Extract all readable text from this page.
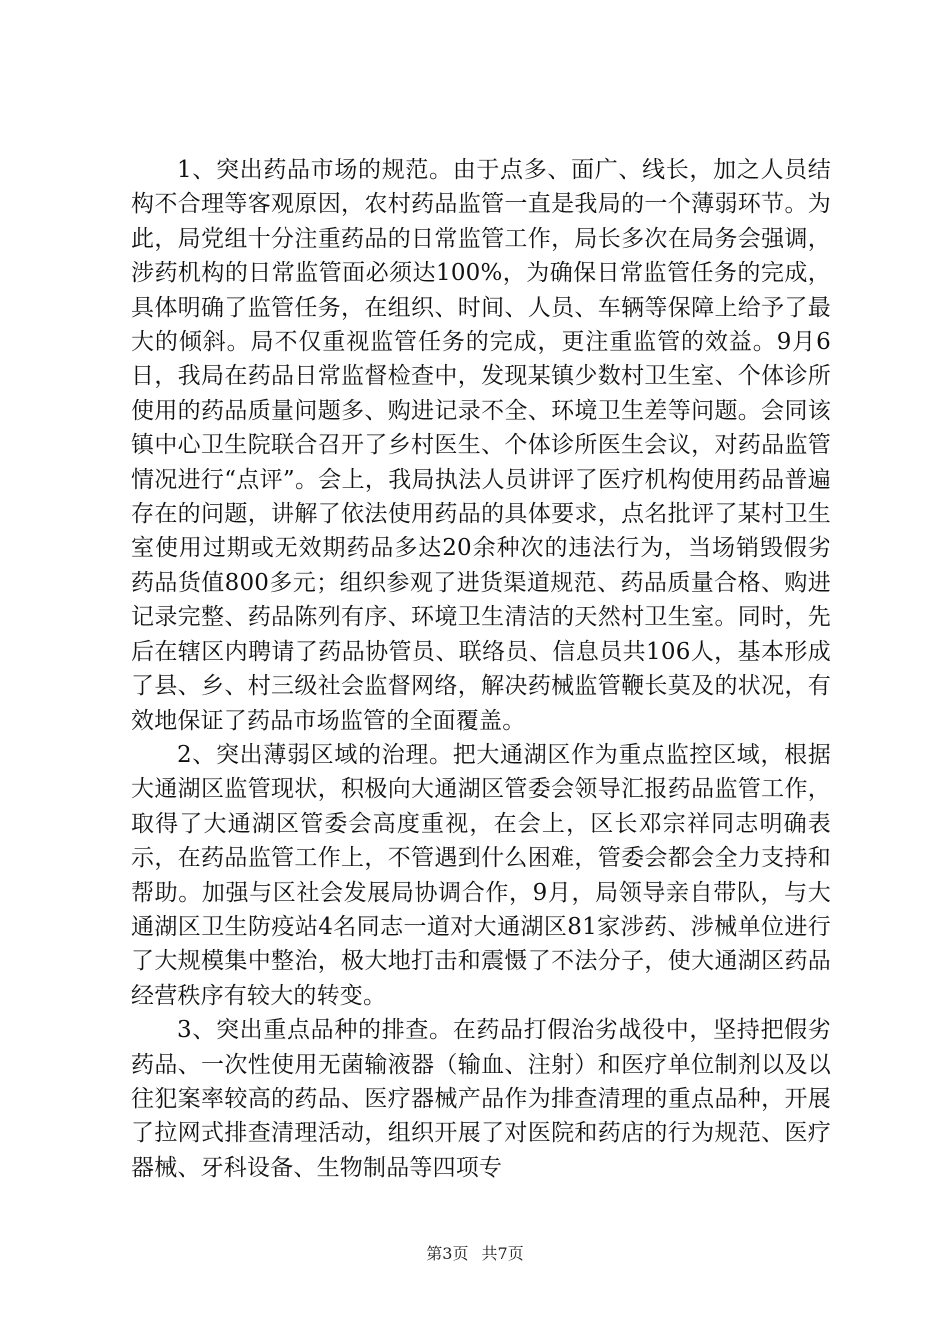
1、突出药品市场的规范。由于点多、面广、线长，加之人员结构不合理等客观原因，农村药品监管一直是我局的一个薄弱环节。为此，局党组十分注重药品的日常监管工作，局长多次在局务会强调，涉药机构的日常监管面必须达100%，为确保日常监管任务的完成，具体明确了监管任务，在组织、时间、人员、车辆等保障上给予了最大的倾斜。局不仅重视监管任务的完成，更注重监管的效益。9月6日，我局在药品日常监督检查中，发现某镇少数村卫生室、个体诊所使用的药品质量问题多、购进记录不全、环境卫生差等问题。会同该镇中心卫生院联合召开了乡村医生、个体诊所医生会议，对药品监管情况进行“点评”。会上，我局执法人员讲评了医疗机构使用药品普遍存在的问题，讲解了依法使用药品的具体要求，点名批评了某村卫生室使用过期或无效期药品多达20余种次的违法行为，当场销毁假劣药品货值800多元；组织参观了进货渠道规范、药品质量合格、购进记录完整、药品陈列有序、环境卫生清洁的天然村卫生室。同时，先后在辖区内聘请了药品协管员、联络员、信息员共106人，基本形成了县、乡、村三级社会监督网络，解决药械监管鞭长莫及的状况，有效地保证了药品市场监管的全面覆盖。

2、突出薄弱区域的治理。把大通湖区作为重点监控区域，根据大通湖区监管现状，积极向大通湖区管委会领导汇报药品监管工作，取得了大通湖区管委会高度重视，在会上，区长邓宗祥同志明确表示，在药品监管工作上，不管遇到什么困难，管委会都会全力支持和帮助。加强与区社会发展局协调合作，9月，局领导亲自带队，与大通湖区卫生防疫站4名同志一道对大通湖区81家涉药、涉械单位进行了大规模集中整治，极大地打击和震慑了不法分子，使大通湖区药品经营秩序有较大的转变。

3、突出重点品种的排查。在药品打假治劣战役中，坚持把假劣药品、一次性使用无菌输液器（输血、注射）和医疗单位制剂以及以往犯案率较高的药品、医疗器械产品作为排查清理的重点品种，开展了拉网式排查清理活动，组织开展了对医院和药店的行为规范、医疗器械、牙科设备、生物制品等四项专

第3页 共7页
